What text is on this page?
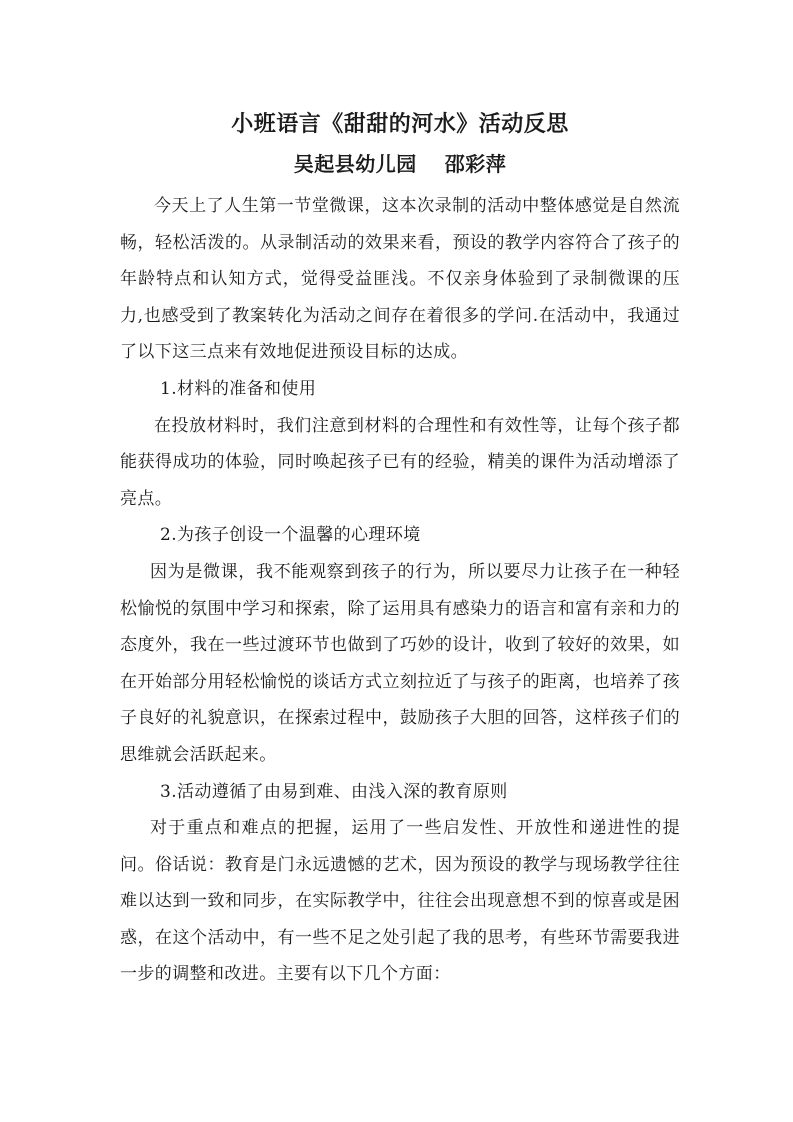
小班语言《甜甜的河水》活动反思
吴起县幼儿园 邵彩萍

今天上了人生第一节堂微课，这本次录制的活动中整体感觉是自然流畅，轻松活泼的。从录制活动的效果来看，预设的教学内容符合了孩子的年龄特点和认知方式，觉得受益匪浅。不仅亲身体验到了录制微课的压力,也感受到了教案转化为活动之间存在着很多的学问.在活动中，我通过了以下这三点来有效地促进预设目标的达成。

1.材料的准备和使用

在投放材料时，我们注意到材料的合理性和有效性等，让每个孩子都能获得成功的体验，同时唤起孩子已有的经验，精美的课件为活动增添了亮点。

2.为孩子创设一个温馨的心理环境

因为是微课，我不能观察到孩子的行为，所以要尽力让孩子在一种轻松愉悦的氛围中学习和探索，除了运用具有感染力的语言和富有亲和力的态度外，我在一些过渡环节也做到了巧妙的设计，收到了较好的效果，如在开始部分用轻松愉悦的谈话方式立刻拉近了与孩子的距离，也培养了孩子良好的礼貌意识，在探索过程中，鼓励孩子大胆的回答，这样孩子们的思维就会活跃起来。

3.活动遵循了由易到难、由浅入深的教育原则

对于重点和难点的把握，运用了一些启发性、开放性和递进性的提问。俗话说：教育是门永远遗憾的艺术，因为预设的教学与现场教学往往难以达到一致和同步，在实际教学中，往往会出现意想不到的惊喜或是困惑，在这个活动中，有一些不足之处引起了我的思考，有些环节需要我进一步的调整和改进。主要有以下几个方面：
